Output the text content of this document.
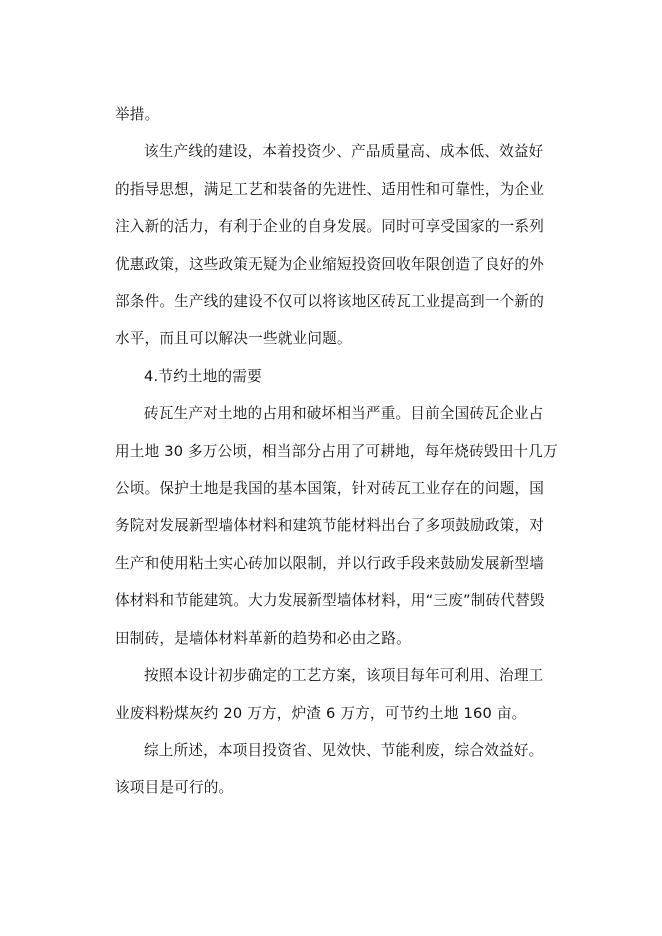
举措。

该生产线的建设，本着投资少、产品质量高、成本低、效益好
的指导思想，满足工艺和装备的先进性、适用性和可靠性，为企业
注入新的活力，有利于企业的自身发展。同时可享受国家的一系列
优惠政策，这些政策无疑为企业缩短投资回收年限创造了良好的外
部条件。生产线的建设不仅可以将该地区砖瓦工业提高到一个新的
水平，而且可以解决一些就业问题。

4.节约土地的需要

砖瓦生产对土地的占用和破坏相当严重。目前全国砖瓦企业占
用土地 30 多万公顷，相当部分占用了可耕地，每年烧砖毁田十几万
公顷。保护土地是我国的基本国策，针对砖瓦工业存在的问题，国
务院对发展新型墙体材料和建筑节能材料出台了多项鼓励政策，对
生产和使用粘土实心砖加以限制，并以行政手段来鼓励发展新型墙
体材料和节能建筑。大力发展新型墙体材料，用“三废”制砖代替毁
田制砖，是墙体材料革新的趋势和必由之路。

按照本设计初步确定的工艺方案，该项目每年可利用、治理工
业废料粉煤灰约 20 万方，炉渣 6 万方，可节约土地 160 亩。

综上所述，本项目投资省、见效快、节能利废，综合效益好。
该项目是可行的。
